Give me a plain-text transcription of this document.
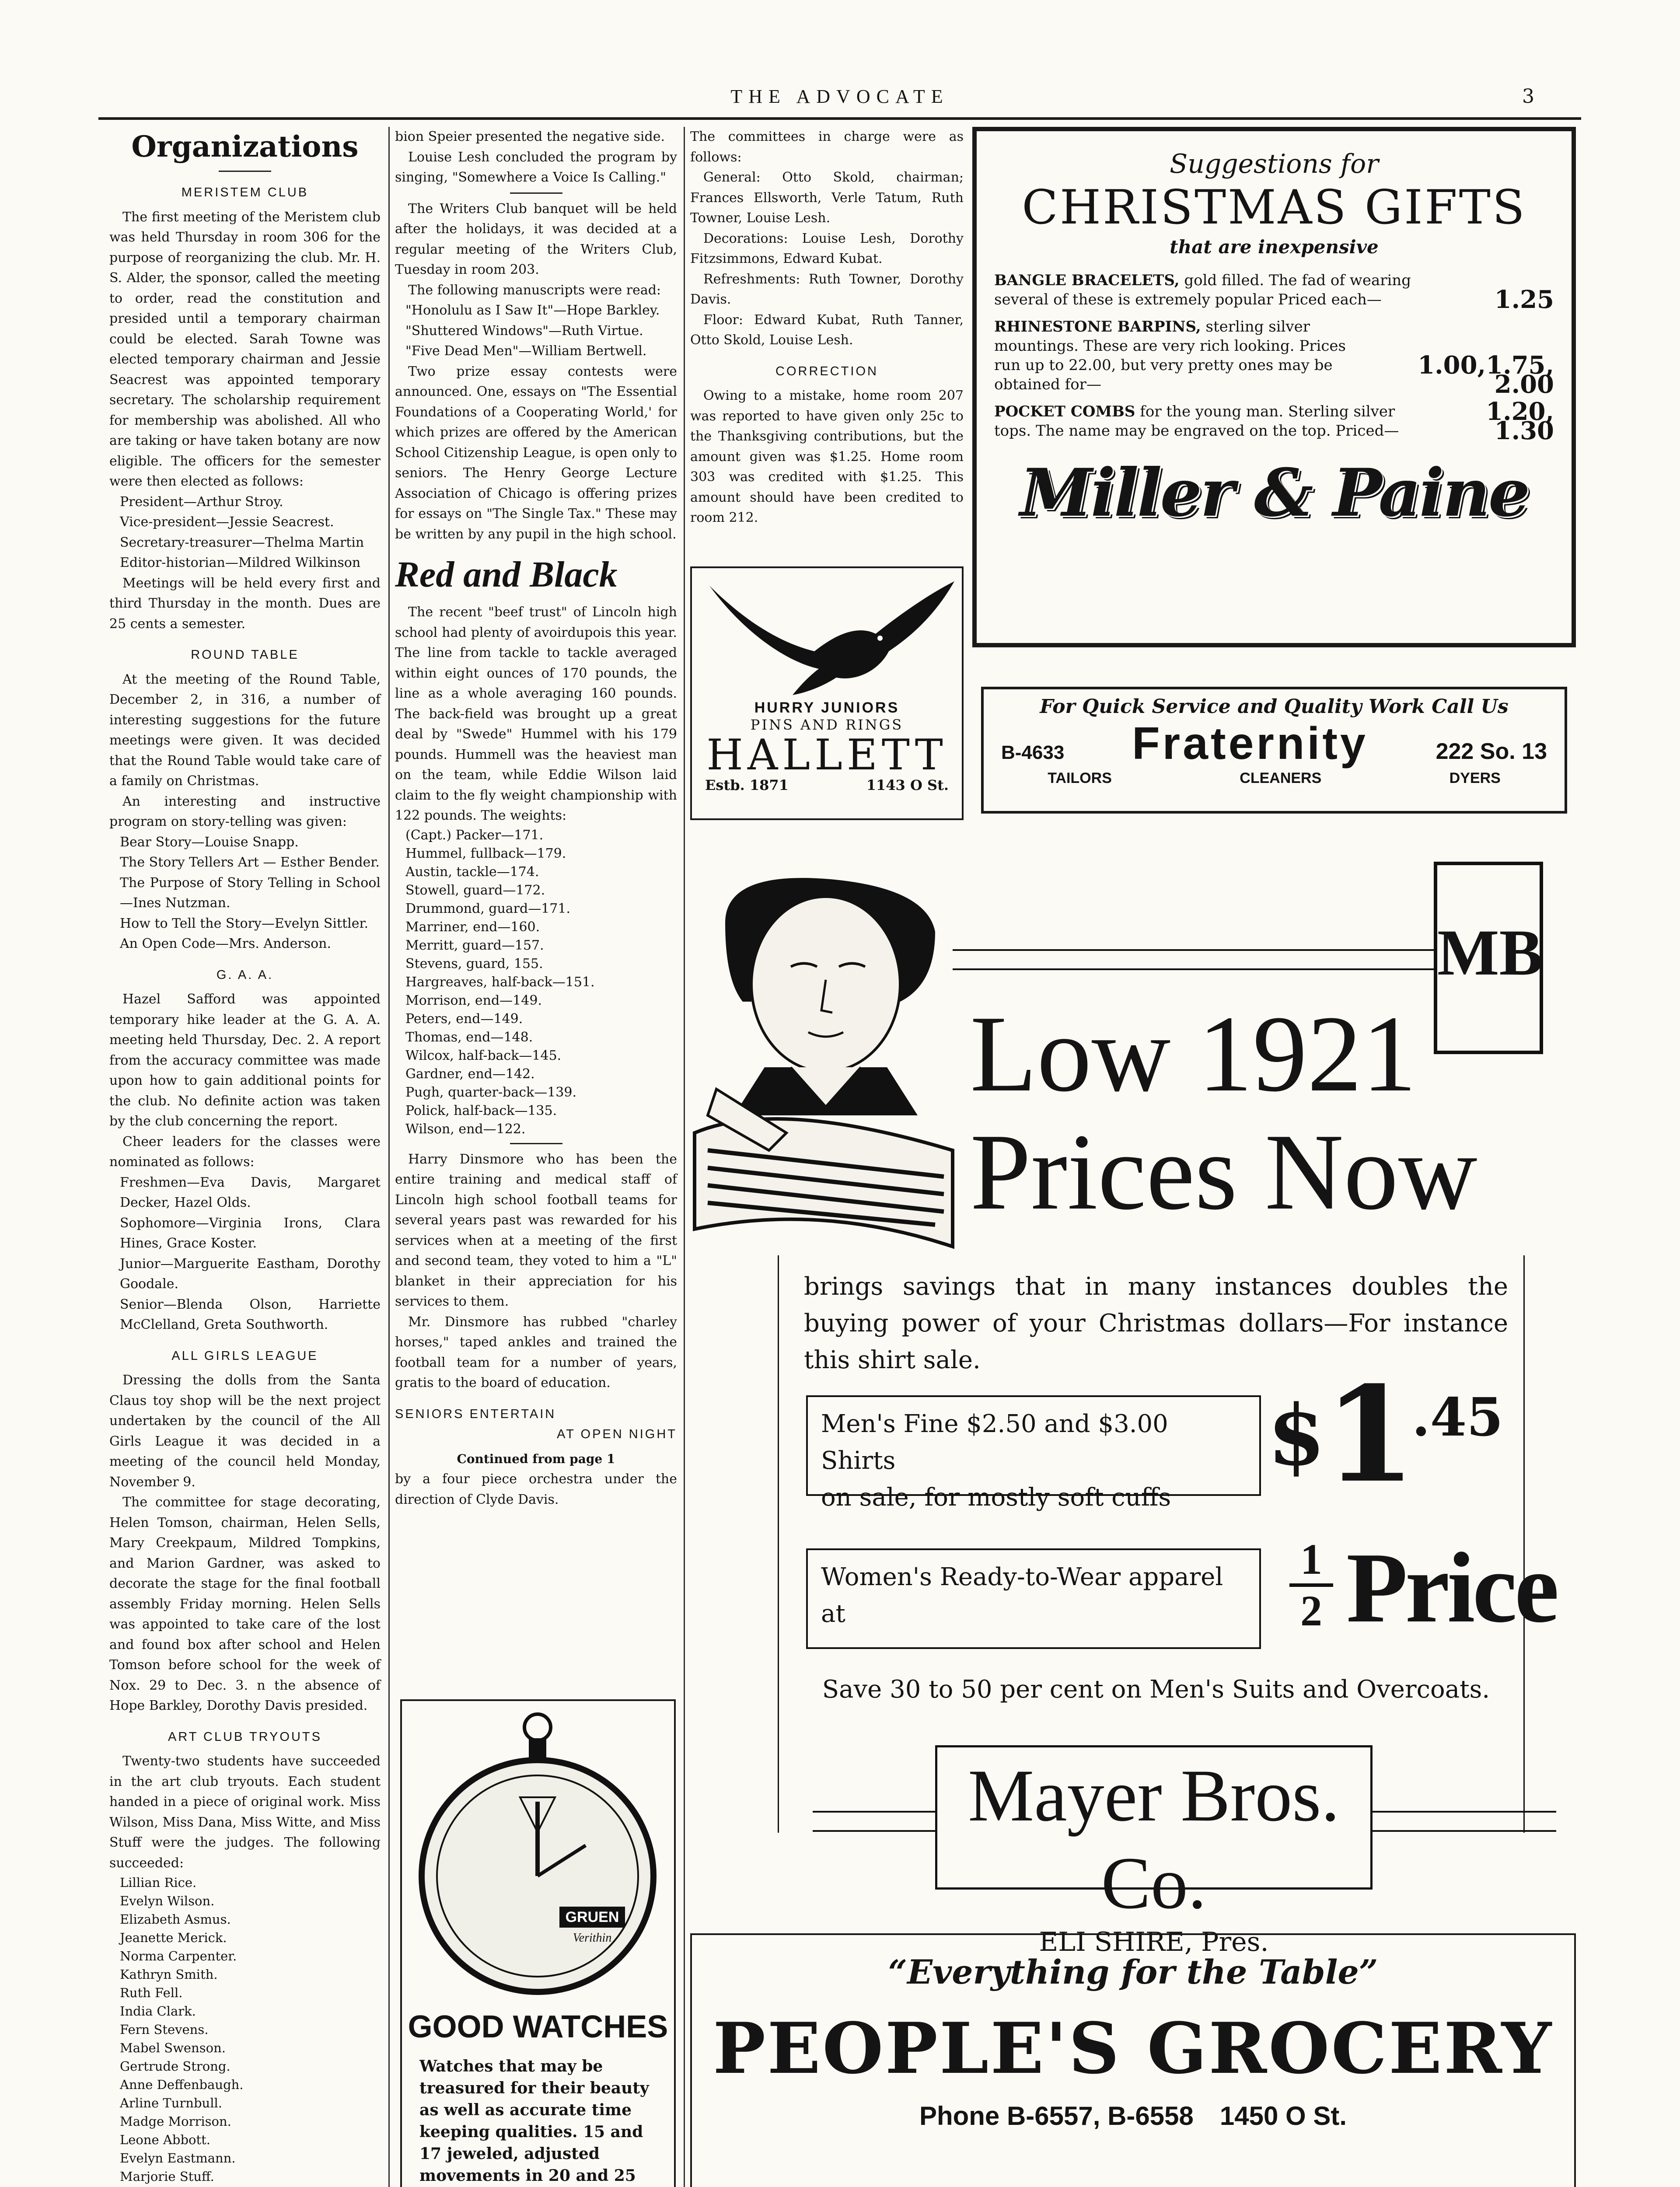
THE ADVOCATE	3
Organizations
MERISTEM CLUB

The first meeting of the Meristem club was held Thursday in room 306 for the purpose of reorganizing the club. Mr. H. S. Alder, the sponsor, called the meeting to order, read the constitution and presided until a temporary chairman could be elected. Sarah Towne was elected temporary chairman and Jessie Seacrest was appointed temporary secretary. The scholarship requirement for membership was abolished. All who are taking or have taken botany are now eligible. The officers for the semester were then elected as follows:

President—Arthur Stroy.

Vice-president—Jessie Seacrest.

Secretary-treasurer—Thelma Martin

Editor-historian—Mildred Wilkinson

Meetings will be held every first and third Thursday in the month. Dues are 25 cents a semester.

ROUND TABLE

At the meeting of the Round Table, December 2, in 316, a number of interesting suggestions for the future meetings were given. It was decided that the Round Table would take care of a family on Christmas.

An interesting and instructive program on story-telling was given:

Bear Story—Louise Snapp.

The Story Tellers Art — Esther Bender.

The Purpose of Story Telling in School—Ines Nutzman.

How to Tell the Story—Evelyn Sittler.

An Open Code—Mrs. Anderson.

G. A. A.

Hazel Safford was appointed temporary hike leader at the G. A. A. meeting held Thursday, Dec. 2. A report from the accuracy committee was made upon how to gain additional points for the club. No definite action was taken by the club concerning the report.

Cheer leaders for the classes were nominated as follows:

Freshmen—Eva Davis, Margaret Decker, Hazel Olds.

Sophomore—Virginia Irons, Clara Hines, Grace Koster.

Junior—Marguerite Eastham, Dorothy Goodale.

Senior—Blenda Olson, Harriette McClelland, Greta Southworth.

ALL GIRLS LEAGUE

Dressing the dolls from the Santa Claus toy shop will be the next project undertaken by the council of the All Girls League it was decided in a meeting of the council held Monday, November 9.

The committee for stage decorating, Helen Tomson, chairman, Helen Sells, Mary Creekpaum, Mildred Tompkins, and Marion Gardner, was asked to decorate the stage for the final football assembly Friday morning. Helen Sells was appointed to take care of the lost and found box after school and Helen Tomson before school for the week of Nox. 29 to Dec. 3. n the absence of Hope Barkley, Dorothy Davis presided.

ART CLUB TRYOUTS

Twenty-two students have succeeded in the art club tryouts. Each student handed in a piece of original work. Miss Wilson, Miss Dana, Miss Witte, and Miss Stuff were the judges. The following succeeded:

Lillian Rice.
Evelyn Wilson.
Elizabeth Asmus.
Jeanette Merick.
Norma Carpenter.
Kathryn Smith.
Ruth Fell.
India Clark.
Fern Stevens.
Mabel Swenson.
Gertrude Strong.
Anne Deffenbaugh.
Arline Turnbull.
Madge Morrison.
Leone Abbott.
Evelyn Eastmann.
Marjorie Stuff.

bion Speier presented the negative side.

Louise Lesh concluded the program by singing, "Somewhere a Voice Is Calling."

The Writers Club banquet will be held after the holidays, it was decided at a regular meeting of the Writers Club, Tuesday in room 203.

The following manuscripts were read:

"Honolulu as I Saw It"—Hope Barkley.

"Shuttered Windows"—Ruth Virtue.

"Five Dead Men"—William Bertwell.

Two prize essay contests were announced. One, essays on "The Essential Foundations of a Cooperating World,' for which prizes are offered by the American School Citizenship League, is open only to seniors. The Henry George Lecture Association of Chicago is offering prizes for essays on "The Single Tax." These may be written by any pupil in the high school.

Red and Black

The recent "beef trust" of Lincoln high school had plenty of avoirdupois this year. The line from tackle to tackle averaged within eight ounces of 170 pounds, the line as a whole averaging 160 pounds. The back-field was brought up a great deal by "Swede" Hummel with his 179 pounds. Hummell was the heaviest man on the team, while Eddie Wilson laid claim to the fly weight championship with 122 pounds. The weights:

(Capt.) Packer—171.
Hummel, fullback—179.
Austin, tackle—174.
Stowell, guard—172.
Drummond, guard—171.
Marriner, end—160.
Merritt, guard—157.
Stevens, guard, 155.
Hargreaves, half-back—151.
Morrison, end—149.
Peters, end—149.
Thomas, end—148.
Wilcox, half-back—145.
Gardner, end—142.
Pugh, quarter-back—139.
Polick, half-back—135.
Wilson, end—122.

Harry Dinsmore who has been the entire training and medical staff of Lincoln high school football teams for several years past was rewarded for his services when at a meeting of the first and second team, they voted to him a "L" blanket in their appreciation for his services to them.

Mr. Dinsmore has rubbed "charley horses," taped ankles and trained the football team for a number of years, gratis to the board of education.

SENIORS ENTERTAIN
AT OPEN NIGHT
Continued from page 1

by a four piece orchestra under the direction of Clyde Davis.

GRUEN
Verithin
GOOD WATCHES
Watches that may be treasured for their beauty as well as accurate time keeping qualities. 15 and 17 jeweled, adjusted movements in 20 and 25

The committees in charge were as follows:

General: Otto Skold, chairman; Frances Ellsworth, Verle Tatum, Ruth Towner, Louise Lesh.

Decorations: Louise Lesh, Dorothy Fitzsimmons, Edward Kubat.

Refreshments: Ruth Towner, Dorothy Davis.

Floor: Edward Kubat, Ruth Tanner, Otto Skold, Louise Lesh.

CORRECTION

Owing to a mistake, home room 207 was reported to have given only 25c to the Thanksgiving contributions, but the amount given was $1.25. Home room 303 was credited with $1.25. This amount should have been credited to room 212.

HURRY JUNIORS
PINS AND RINGS
HALLETT
Estb. 1871	1143 O St.
Suggestions for
CHRISTMAS GIFTS
that are inexpensive
BANGLE BRACELETS, gold filled. The fad of wearing several of these is extremely popular Priced each—	1.25
RHINESTONE BARPINS, sterling silver mountings. These are very rich looking. Prices run up to 22.00, but very pretty ones may be obtained for—
1.00,1.75, 2.00
POCKET COMBS for the young man. Sterling silver tops. The name may be engraved on the top. Priced—
1.20, 1.30
Miller & Paine
For Quick Service and Quality Work Call Us
B-4633 Fraternity	222 So. 13
TAILORS	CLEANERS	DYERS
MB
Low 1921
Prices Now
brings savings that in many instances doubles the buying power of your Christmas dollars—For instance this shirt sale.
Men's Fine $2.50 and $3.00 Shirts
on sale, for mostly soft cuffs
$
1
.45
Women's Ready-to-Wear apparel
at
1
2 Price
Save 30 to 50 per cent on Men's Suits and Overcoats.
Mayer Bros. Co.
ELI SHIRE, Pres.
“Everything for the Table”
PEOPLE'S GROCERY
Phone B-6557, B-6558 1450 O St.
